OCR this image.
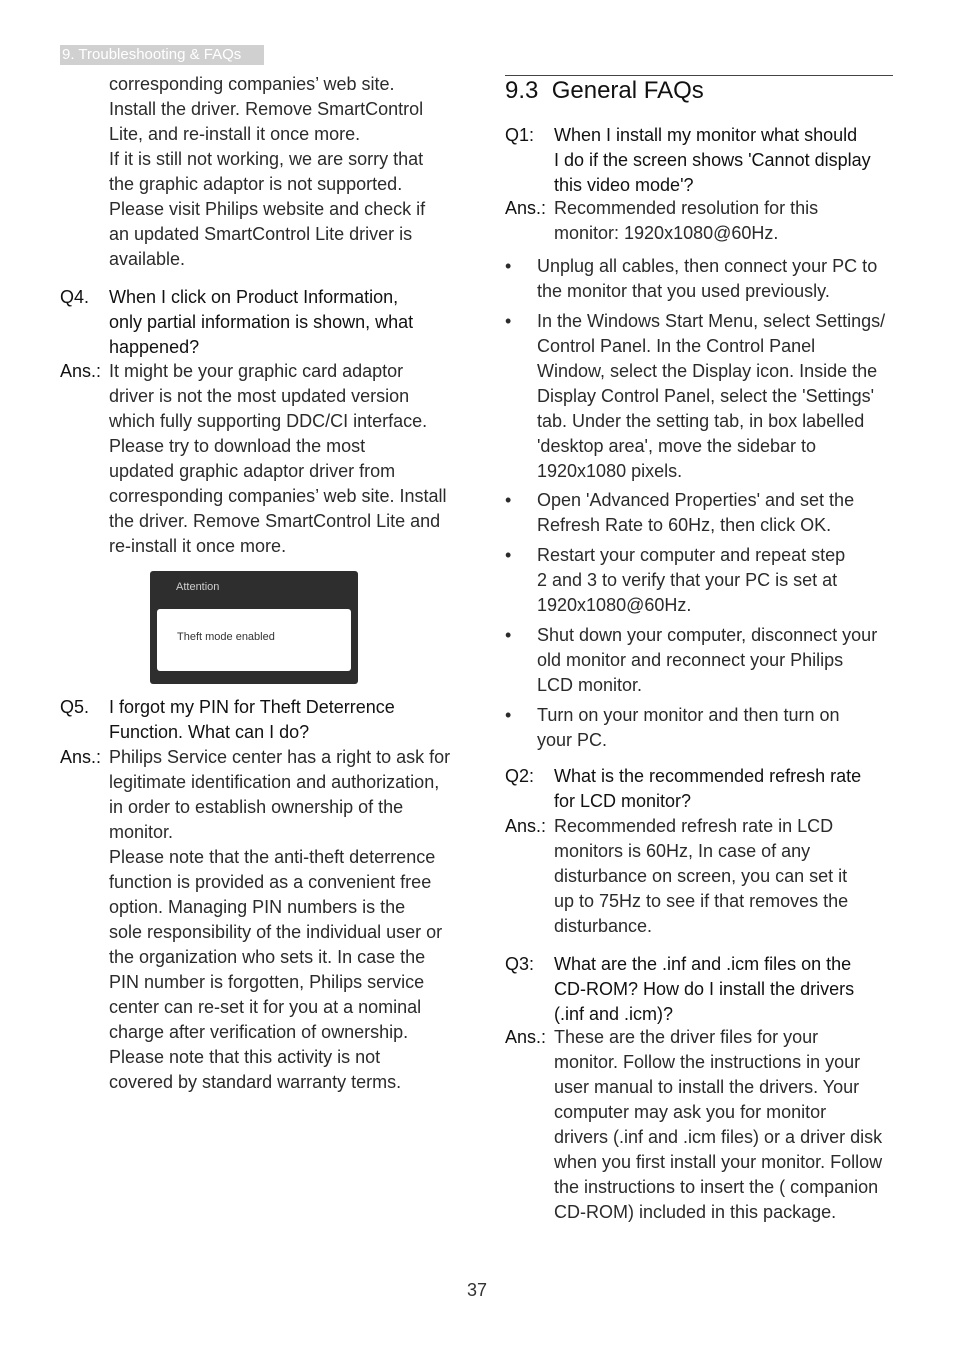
9. Troubleshooting & FAQs
corresponding companies’ web site.
Install the driver. Remove SmartControl
Lite, and re-install it once more.
If it is still not working, we are sorry that
the graphic adaptor is not supported.
Please visit Philips website and check if
an updated SmartControl Lite driver is
available.
Q4. When I click on Product Information,
only partial information is shown, what
happened?
Ans.: It might be your graphic card adaptor
driver is not the most updated version
which fully supporting DDC/CI interface.
Please try to download the most
updated graphic adaptor driver from
corresponding companies’ web site. Install
the driver. Remove SmartControl Lite and
re-install it once more.
Attention
Theft mode enabled
Q5. I forgot my PIN for Theft Deterrence
Function. What can I do?
Ans.: Philips Service center has a right to ask for
legitimate identification and authorization,
in order to establish ownership of the
monitor.
Please note that the anti-theft deterrence
function is provided as a convenient free
option. Managing PIN numbers is the
sole responsibility of the individual user or
the organization who sets it. In case the
PIN number is forgotten, Philips service
center can re-set it for you at a nominal
charge after verification of ownership.
Please note that this activity is not
covered by standard warranty terms.
9.3  General FAQs
Q1: When I install my monitor what should
I do if the screen shows 'Cannot display
this video mode'?
Ans.: Recommended resolution for this
monitor: 1920x1080@60Hz.
•	Unplug all cables, then connect your PC to
the monitor that you used previously.
•	In the Windows Start Menu, select Settings/
Control Panel. In the Control Panel
Window, select the Display icon. Inside the
Display Control Panel, select the 'Settings'
tab. Under the setting tab, in box labelled
'desktop area', move the sidebar to
1920x1080 pixels.
•	Open 'Advanced Properties' and set the
Refresh Rate to 60Hz, then click OK.
•	Restart your computer and repeat step
2 and 3 to verify that your PC is set at
1920x1080@60Hz.
•	Shut down your computer, disconnect your
old monitor and reconnect your Philips
LCD monitor.
•	Turn on your monitor and then turn on
your PC.
Q2: What is the recommended refresh rate
for LCD monitor?
Ans.: Recommended refresh rate in LCD
monitors is 60Hz, In case of any
disturbance on screen, you can set it
up to 75Hz to see if that removes the
disturbance.
Q3: What are the .inf and .icm files on the
CD-ROM? How do I install the drivers
(.inf and .icm)?
Ans.: These are the driver files for your
monitor. Follow the instructions in your
user manual to install the drivers. Your
computer may ask you for monitor
drivers (.inf and .icm files) or a driver disk
when you first install your monitor. Follow
the instructions to insert the ( companion
CD-ROM) included in this package.
37
